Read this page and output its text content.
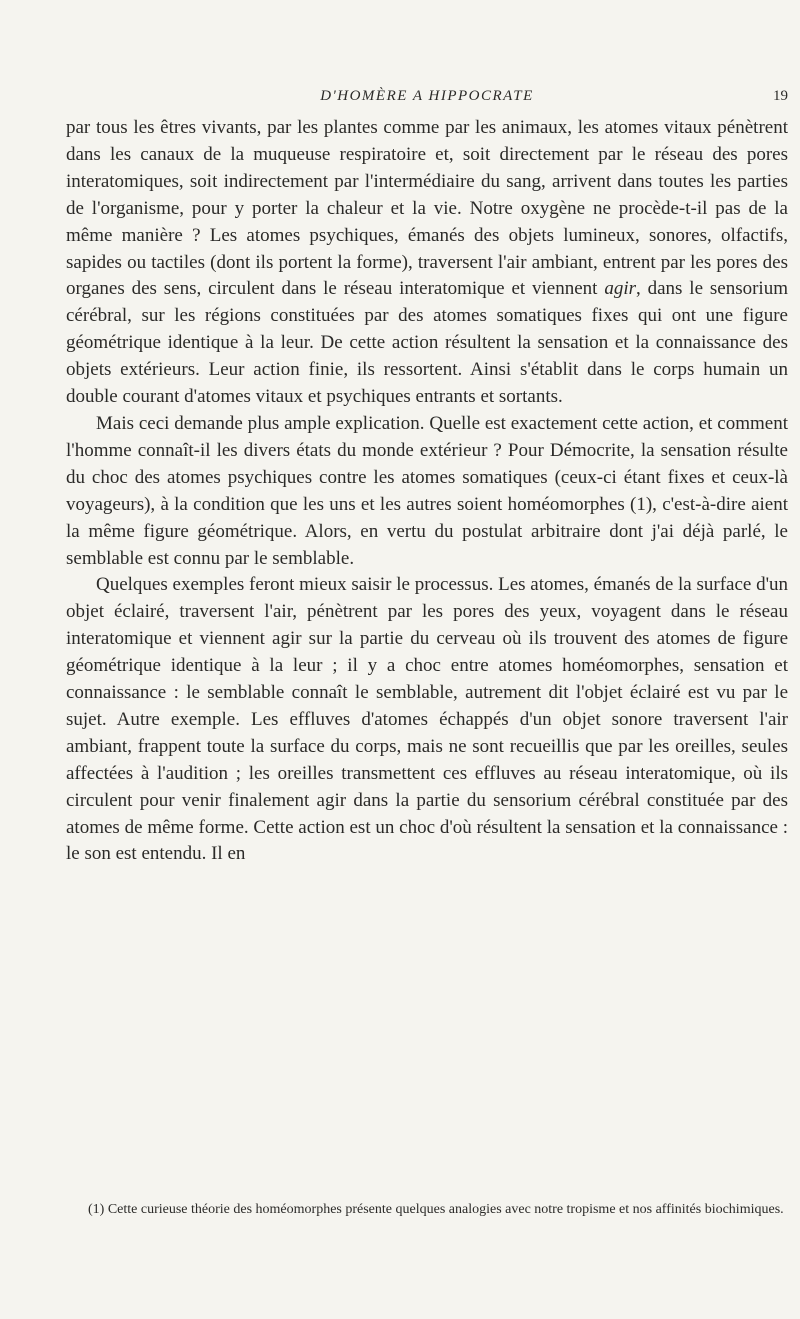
D'HOMÈRE A HIPPOCRATE	19

par tous les êtres vivants, par les plantes comme par les animaux, les atomes vitaux pénètrent dans les canaux de la muqueuse respiratoire et, soit directement par le réseau des pores interatomiques, soit indirectement par l'intermédiaire du sang, arrivent dans toutes les parties de l'organisme, pour y porter la chaleur et la vie. Notre oxygène ne procède-t-il pas de la même manière ? Les atomes psychiques, émanés des objets lumineux, sonores, olfactifs, sapides ou tactiles (dont ils portent la forme), traversent l'air ambiant, entrent par les pores des organes des sens, circulent dans le réseau interatomique et viennent agir, dans le sensorium cérébral, sur les régions constituées par des atomes somatiques fixes qui ont une figure géométrique identique à la leur. De cette action résultent la sensation et la connaissance des objets extérieurs. Leur action finie, ils ressortent. Ainsi s'établit dans le corps humain un double courant d'atomes vitaux et psychiques entrants et sortants.

Mais ceci demande plus ample explication. Quelle est exactement cette action, et comment l'homme connaît-il les divers états du monde extérieur ? Pour Démocrite, la sensation résulte du choc des atomes psychiques contre les atomes somatiques (ceux-ci étant fixes et ceux-là voyageurs), à la condition que les uns et les autres soient homéomorphes (1), c'est-à-dire aient la même figure géométrique. Alors, en vertu du postulat arbitraire dont j'ai déjà parlé, le semblable est connu par le semblable.

Quelques exemples feront mieux saisir le processus. Les atomes, émanés de la surface d'un objet éclairé, traversent l'air, pénètrent par les pores des yeux, voyagent dans le réseau interatomique et viennent agir sur la partie du cerveau où ils trouvent des atomes de figure géométrique identique à la leur ; il y a choc entre atomes homéomorphes, sensation et connaissance : le semblable connaît le semblable, autrement dit l'objet éclairé est vu par le sujet. Autre exemple. Les effluves d'atomes échappés d'un objet sonore traversent l'air ambiant, frappent toute la surface du corps, mais ne sont recueillis que par les oreilles, seules affectées à l'audition ; les oreilles transmettent ces effluves au réseau interatomique, où ils circulent pour venir finalement agir dans la partie du sensorium cérébral constituée par des atomes de même forme. Cette action est un choc d'où résultent la sensation et la connaissance : le son est entendu. Il en

(1) Cette curieuse théorie des homéomorphes présente quelques analogies avec notre tropisme et nos affinités biochimiques.
